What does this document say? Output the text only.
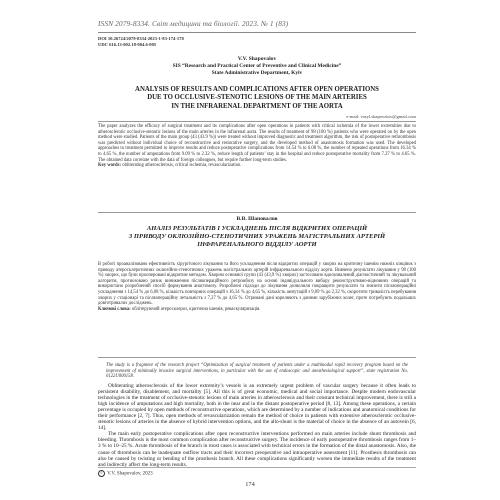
ISSN 2079-8334. Світ медицини та біології. 2023. № 1 (83)
DOI 10.26724/2079-8334-2023-1-83-174-178
UDC 616.13-002.18-004.6-005
V.V. Shapovalov
SIS “Research and Practical Center of Preventive and Clinical Medicine”
State Administrative Department, Kyiv
ANALYSIS OF RESULTS AND COMPLICATIONS AFTER OPEN OPERATIONS
DUE TO OCCLUSIVE-STENOTIC LESIONS OF THE MAIN ARTERIES
IN THE INFRARENAL DEPARTMENT OF THE AORTA
e-mail: vasyl.shapovalov@gmail.com
The paper analyzes the efficacy of surgical treatment and its complications after open operations in patients with critical ischemia of the lower extremities due to atherosclerotic occlusive-stenotic lesions of the main arteries in the infrarenal aorta. The results of treatment of 98 (100 %) patients who were operated on by the open method were studied. Patients of the main group (43 (43.9 %)) were treated without improved diagnostic and treatment algorithm, the risk of postoperative rethrombosis was predicted without individual choice of reconstructive and restorative surgery, and the developed method of anastomosis formation was used. The developed approaches to treatment permitted to improve results and reduce postoperative complications from 14.54 % to 6.08 %, the number of repeated operations from 16.34 % to 4.65 %, the number of amputations from 9.09 % to 2.32 %, reduce length of patients’ stay in the hospital and reduce postoperative mortality from 7.27 % to 4.65 %. The obtained data correlate with the data of foreign colleagues, but require further long-term studies.
Key words: obliterating atherosclerosis, critical ischemia, revascularization.
В.В. Шаповалов
АНАЛІЗ РЕЗУЛЬТАТІВ І УСКЛАДНЕНЬ ПІСЛЯ ВІДКРИТИХ ОПЕРАЦІЙ
З ПРИВОДУ ОКЛЮЗІЙНО-СТЕНОТИЧНИХ УРАЖЕНЬ МАГІСТРАЛЬНИХ АРТЕРІЙ
ІНФРАРЕНАЛЬНОГО ВІДДІЛУ АОРТИ
В роботі проаналізовано ефективність хірургічного лікування та його ускладнення після відкритих операцій у хворих на критичну ішемію нижніх кінцівок з приводу атеросклеротичних оклюзійно-стенотичних уражень магістральних артерій інфраренального відділу аорти. Вивчено результати лікування у 98 (100 %) хворих, що були прооперовані відкритим методом. Хворим основної групи (43 (43,9 %) хворих) застосовано вдосконалений діагностичний та лікувальний алгоритм, прогнозовано ризик виникнення післяопераційного ретромбозу на основі індивідуального вибору реконструктивно-відновних операцій та використано розроблений спосіб формування анастомозу. Розроблені підходи до лікування дозволили покращити результати та знизити післяопераційні ускладнення з 14,54 % до 6,08 %, кількість повторних операцій з 16,34 % до 4,65 %, кількість ампутацій з 9,09 % до 2,32 %, скоротити тривалість перебування хворих у стаціонарі та післяопераційну летальність з 7,27 % до 4,65 %. Отримані дані корелюють з даними зарубіжних колег, проте потребують подальших довготривалих досліджень.
Ключові слова: облітеруючий атеросклероз, критична ішемія, реваскуляризація.
The study is a fragment of the research project “Optimization of surgical treatment of patients under a multimodal rapid recovery program based on the improvement of minimally invasive surgical interventions, in particular with the use of endoscopic and anesthesiological support”, state registration No. 0122U000158.

Obliterating atherosclerosis of the lower extremity’s vessels is an extremely urgent problem of vascular surgery because it often leads to persistent disability, disablement, and mortality [5]. All this is of great economic, medical and social importance. Despite modern endovascular technologies in the treatment of occlusive-stenotic lesions of main arteries in atherosclerosis and their constant technical improvement, there is still a high incidence of amputations and high mortality, both in the near and in the distant postoperative period [8, 13]. Among these operations, a certain percentage is occupied by open methods of reconstructive operations, which are determined by a number of indications and anatomical conditions for their performance [2, 7]. Thus, open methods of revascularization remain the method of choice in patients with extensive atherosclerotic occlusive-stenotic lesions of arteries in the absence of hybrid intervention options, and the allo-shunt is the material of choice in the absence of an autovein [6, 14].

The main early postoperative complications after open reconstructive interventions performed on main arteries include shunt thrombosis and bleeding. Thrombosis is the most common complication after reconstructive surgery. The incidence of early postoperative thrombosis ranges from 1–3 % to 10–25 %. Acute thrombosis of the branch in most cases is associated with technical errors in the formation of the distal anastomosis. Also, the cause of thrombosis can be inadequate outflow tracts and their incorrect preoperative and intraoperative assessment [11]. Prosthesis thrombosis can also be caused by twisting or bending of the prosthesis branch. All these complications significantly worsen the immediate results of the treatment and indirectly affect the long-term results.

© V.V. Shapovalov, 2023
174
